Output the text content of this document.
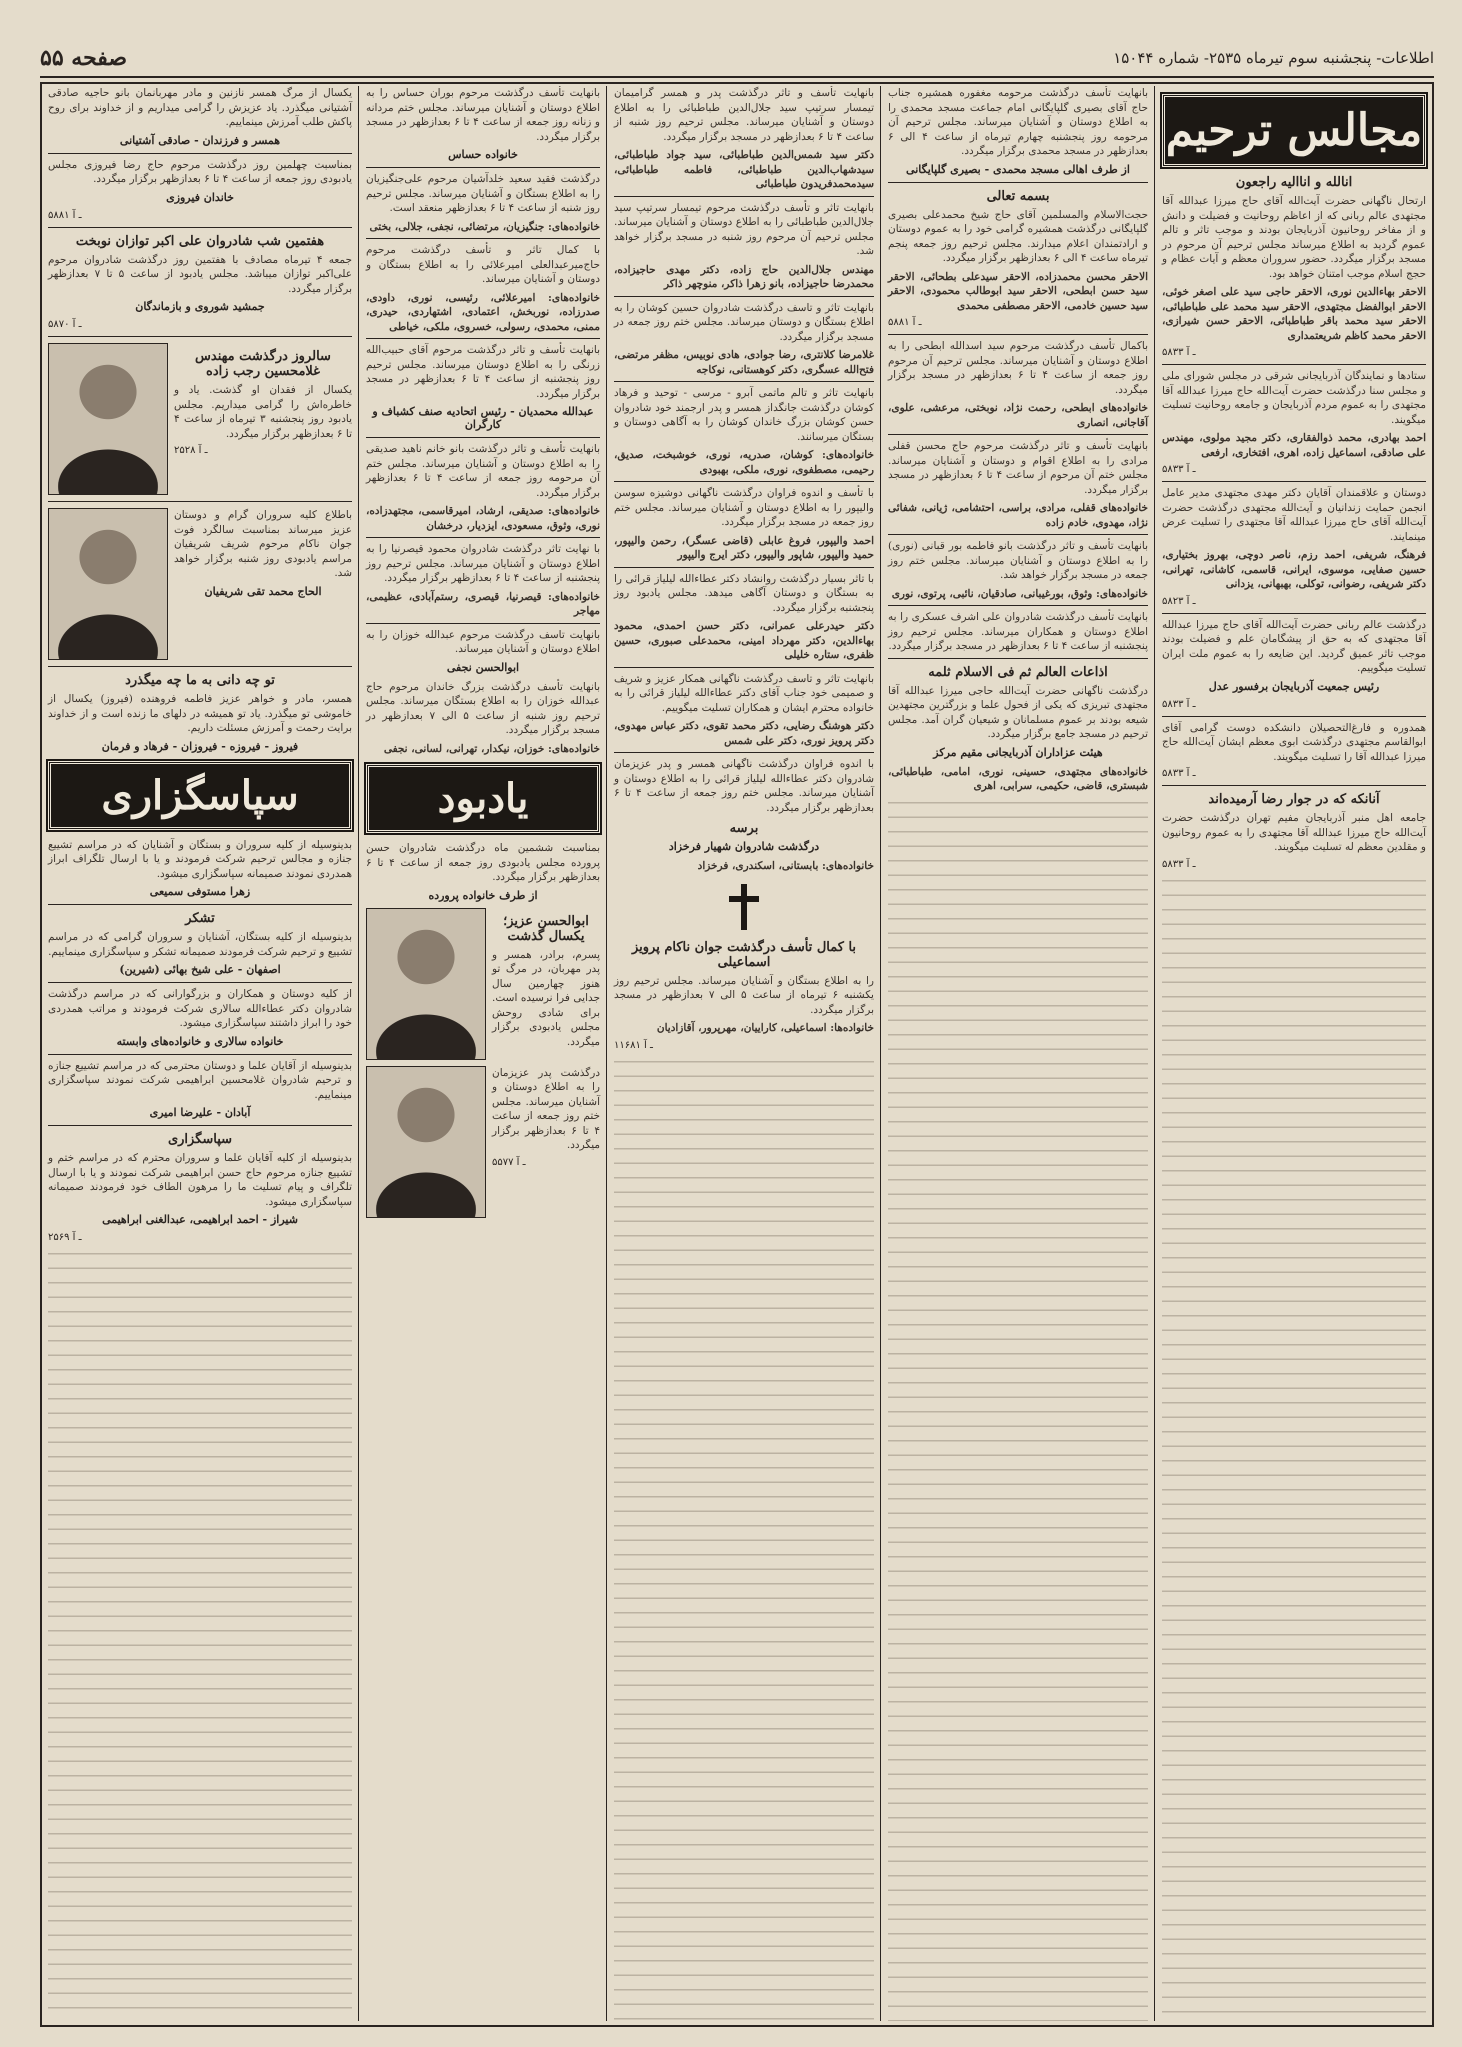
اطلاعات- پنجشنبه سوم تیرماه ۲۵۳۵- شماره ۱۵۰۴۴
صفحه ۵۵
مجالس ترحیم
انالله و اناالیه راجعون

ارتحال ناگهانی حضرت آیت‌الله آقای حاج میرزا عبدالله آقا مجتهدی عالم ربانی که از اعاظم روحانیت و فضیلت و دانش و از مفاخر روحانیون آذربایجان بودند و موجب تاثر و تالم عموم گردید به اطلاع میرساند مجلس ترحیم آن مرحوم در مسجد برگزار میگردد. حضور سروران معظم و آیات عظام و حجج اسلام موجب امتنان خواهد بود.

الاحقر بهاءالدین نوری، الاحقر حاجی سید علی اصغر خوئی، الاحقر ابوالفضل مجتهدی، الاحقر سید محمد علی طباطبائی، الاحقر سید محمد باقر طباطبائی، الاحقر حسن شیرازی، الاحقر محمد کاظم شریعتمداری

۵۸۳۳ ـ آ

ستادها و نمایندگان آذربایجانی شرقی در مجلس شورای ملی و مجلس سنا درگذشت حضرت آیت‌الله حاج میرزا عبدالله آقا مجتهدی را به عموم مردم آذربایجان و جامعه روحانیت تسلیت میگویند.

احمد بهادری، محمد ذوالفقاری، دکتر مجید مولوی، مهندس علی صادقی، اسماعیل زاده، اهری، افتخاری، ارفعی

۵۸۳۳ ـ آ

دوستان و علاقمندان آقایان دکتر مهدی مجتهدی مدیر عامل انجمن حمایت زندانیان و آیت‌الله مجتهدی درگذشت حضرت آیت‌الله آقای حاج میرزا عبدالله آقا مجتهدی را تسلیت عرض مینمایند.

فرهنگ، شریفی، احمد رزم، ناصر دوچی، بهروز بختیاری، حسین صفایی، موسوی، ایرانی، قاسمی، کاشانی، تهرانی، دکتر شریفی، رضوانی، توکلی، بهبهانی، یزدانی

۵۸۲۳ ـ آ

درگذشت عالم ربانی حضرت آیت‌الله آقای حاج میرزا عبدالله آقا مجتهدی که به حق از پیشگامان علم و فضیلت بودند موجب تاثر عمیق گردید. این ضایعه را به عموم ملت ایران تسلیت میگوییم.

رئیس جمعیت آذربایجان برفسور عدل
۵۸۳۳ ـ آ

همدوره و فارغ‌التحصیلان دانشکده دوست گرامی آقای ابوالقاسم مجتهدی درگذشت ابوی معظم ایشان آیت‌الله حاج میرزا عبدالله آقا را تسلیت میگویند.

۵۸۳۳ ـ آ
آنانکه که در جوار رضا آرمیده‌اند

جامعه اهل منبر آذربایجان مفیم تهران درگذشت حضرت آیت‌الله حاج میرزا عبدالله آقا مجتهدی را به عموم روحانیون و مقلدین معظم له تسلیت میگویند.

۵۸۳۳ ـ آ

بانهایت تأسف درگذشت مرحومه مغفوره همشیره جناب حاج آقای بصیری گلپایگانی امام جماعت مسجد محمدی را به اطلاع دوستان و آشنایان میرساند. مجلس ترحیم آن مرحومه روز پنجشنبه چهارم تیرماه از ساعت ۴ الی ۶ بعدازظهر در مسجد محمدی برگزار میگردد.

از طرف اهالی مسجد محمدی - بصیری گلپایگانی
بسمه تعالی

حجت‌الاسلام والمسلمین آقای حاج شیخ محمدعلی بصیری گلپایگانی درگذشت همشیره گرامی خود را به عموم دوستان و ارادتمندان اعلام میدارند. مجلس ترحیم روز جمعه پنجم تیرماه ساعت ۴ الی ۶ بعدازظهر برگزار میگردد.

الاحقر محسن محمدزاده، الاحقر سیدعلی بطحائی، الاحقر سید حسن ابطحی، الاحقر سید ابوطالب محمودی، الاحقر سید حسین خادمی، الاحقر مصطفی محمدی

۵۸۸۱ ـ آ

باکمال تأسف درگذشت مرحوم سید اسدالله ابطحی را به اطلاع دوستان و آشنایان میرساند. مجلس ترحیم آن مرحوم روز جمعه از ساعت ۴ تا ۶ بعدازظهر در مسجد برگزار میگردد.

خانواده‌های ابطحی، رحمت نژاد، نوبختی، مرعشی، علوی، آقاجانی، انصاری

بانهایت تأسف و تاثر درگذشت مرحوم حاج محسن قفلی مرادی را به اطلاع اقوام و دوستان و آشنایان میرساند. مجلس ختم آن مرحوم از ساعت ۴ تا ۶ بعدازظهر در مسجد برگزار میگردد.

خانواده‌های قفلی، مرادی، براسی، احتشامی، ژیانی، شفائی نژاد، مهدوی، خادم زاده

بانهایت تأسف و تاثر درگذشت بانو فاطمه بور قبانی (نوری) را به اطلاع دوستان و آشنایان میرساند. مجلس ختم روز جمعه در مسجد برگزار خواهد شد.

خانواده‌های: وثوق، بورغیبانی، صادقیان، نائبی، پرتوی، نوری

بانهایت تأسف درگذشت شادروان علی اشرف عسکری را به اطلاع دوستان و همکاران میرساند. مجلس ترحیم روز پنجشنبه از ساعت ۴ تا ۶ بعدازظهر در مسجد برگزار میگردد.

اذاعات العالم ثم فی الاسلام ثلمه

درگذشت ناگهانی حضرت آیت‌الله حاجی میرزا عبدالله آقا مجتهدی تبریزی که یکی از فحول علما و بزرگترین مجتهدین شیعه بودند بر عموم مسلمانان و شیعیان گران آمد. مجلس ترحیم در مسجد جامع برگزار میگردد.

هیئت عزاداران آذربایجانی مقیم مرکز

خانواده‌های مجتهدی، حسینی، نوری، امامی، طباطبائی، شبستری، قاضی، حکیمی، سرابی، اهری

بانهایت تأسف و تاثر درگذشت پدر و همسر گرامیمان تیمسار سرتیپ سید جلال‌الدین طباطبائی را به اطلاع دوستان و آشنایان میرساند. مجلس ترحیم روز شنبه از ساعت ۴ تا ۶ بعدازظهر در مسجد برگزار میگردد.

دکتر سید شمس‌الدین طباطبائی، سید جواد طباطبائی، سیدشهاب‌الدین طباطبائی، فاطمه طباطبائی، سیدمحمدفریدون طباطبائی

بانهایت تاثر و تأسف درگذشت مرحوم تیمسار سرتیپ سید جلال‌الدین طباطبائی را به اطلاع دوستان و آشنایان میرساند. مجلس ترحیم آن مرحوم روز شنبه در مسجد برگزار خواهد شد.

مهندس جلال‌الدین حاج زاده، دکتر مهدی حاجیزاده، محمدرضا حاجیزاده، بانو زهرا ذاکر، منوچهر ذاکر

بانهایت تاثر و تاسف درگذشت شادروان حسین کوشان را به اطلاع بستگان و دوستان میرساند. مجلس ختم روز جمعه در مسجد برگزار میگردد.

غلامرضا کلانتری، رضا جوادی، هادی نوبیس، مظفر مرتضی، فتح‌الله عسگری، دکتر کوهستانی، نوکاجه

بانهایت تاثر و تالم ماتمی آبرو - مرسی - توحید و فرهاد کوشان درگذشت جانگداز همسر و پدر ارجمند خود شادروان حسن کوشان بزرگ خاندان کوشان را به آگاهی دوستان و بستگان میرسانند.

خانواده‌های: کوشان، صدریه، نوری، خوشبخت، صدیق، رحیمی، مصطفوی، نوری، ملکی، بهبودی

با تأسف و اندوه فراوان درگذشت ناگهانی دوشیزه سوسن والیپور را به اطلاع دوستان و آشنایان میرساند. مجلس ختم روز جمعه در مسجد برگزار میگردد.

احمد والیپور، فروغ عابلی (قاضی عسگر)، رحمن والیپور، حمید والیپور، شاپور والیپور، دکتر ایرج والیپور

با تاثر بسیار درگذشت روانشاد دکتر عطاءالله لیلیاز قرائی را به بستگان و دوستان آگاهی میدهد. مجلس یادبود روز پنجشنبه برگزار میگردد.

دکتر حیدرعلی عمرانی، دکتر حسن احمدی، محمود بهاءالدین، دکتر مهرداد امینی، محمدعلی صبوری، حسین ظفری، ستاره خلیلی

بانهایت تاثر و تاسف درگذشت ناگهانی همکار عزیز و شریف و صمیمی خود جناب آقای دکتر عطاءالله لیلیاز قرائی را به خانواده محترم ایشان و همکاران تسلیت میگوییم.

دکتر هوشنگ رضایی، دکتر محمد تقوی، دکتر عباس مهدوی، دکتر پرویز نوری، دکتر علی شمس

با اندوه فراوان درگذشت ناگهانی همسر و پدر عزیزمان شادروان دکتر عطاءالله لیلیاز قرائی را به اطلاع دوستان و آشنایان میرساند. مجلس ختم روز جمعه از ساعت ۴ تا ۶ بعدازظهر برگزار میگردد.

برسه
درگذشت شادروان شهیار فرخزاد

خانواده‌های: بابستانی، اسکندری، فرخزاد

با کمال تأسف درگذشت جوان ناکام پرویز اسماعیلی

را به اطلاع بستگان و آشنایان میرساند. مجلس ترحیم روز یکشنبه ۶ تیرماه از ساعت ۵ الی ۷ بعدازظهر در مسجد برگزار میگردد.

خانواده‌ها: اسماعیلی، کاراییان، مهرپرور، آقازادیان

۱۱۶۸۱ ـ آ

بانهایت تأسف درگذشت مرحوم بوران حساس را به اطلاع دوستان و آشنایان میرساند. مجلس ختم مردانه و زنانه روز جمعه از ساعت ۴ تا ۶ بعدازظهر در مسجد برگزار میگردد.

خانواده حساس

درگذشت فقید سعید خلدآشیان مرحوم علی‌جنگیزیان را به اطلاع بستگان و آشنایان میرساند. مجلس ترحیم روز شنبه از ساعت ۴ تا ۶ بعدازظهر منعقد است.

خانواده‌های: جنگیزیان، مرتضائی، نجفی، جلالی، بختی

با کمال تاثر و تأسف درگذشت مرحوم حاج‌میرعبدالعلی امیرعلائی را به اطلاع بستگان و دوستان و آشنایان میرساند.

خانواده‌های: امیرعلائی، رئیسی، نوری، داودی، صدرزاده، نوربخش، اعتمادی، اشتهاردی، حیدری، ممنی، محمدی، رسولی، خسروی، ملکی، خیاطی

بانهایت تأسف و تاثر درگذشت مرحوم آقای حبیب‌الله زرنگی را به اطلاع دوستان میرساند. مجلس ترحیم روز پنجشنبه از ساعت ۴ تا ۶ بعدازظهر در مسجد برگزار میگردد.

عبدالله محمدیان - رئیس اتحادیه صنف کشباف و کارگران

بانهایت تأسف و تاثر درگذشت بانو خانم ناهید صدیقی را به اطلاع دوستان و آشنایان میرساند. مجلس ختم آن مرحومه روز جمعه از ساعت ۴ تا ۶ بعدازظهر برگزار میگردد.

خانواده‌های: صدیقی، ارشاد، امیرقاسمی، مجتهدزاده، نوری، وثوق، مسعودی، ایزدیار، درخشان

با نهایت تاثر درگذشت شادروان محمود قیصرنیا را به اطلاع دوستان و آشنایان میرساند. مجلس ترحیم روز پنجشنبه از ساعت ۴ تا ۶ بعدازظهر برگزار میگردد.

خانواده‌های: قیصرنیا، قیصری، رستم‌آبادی، عظیمی، مهاجر

بانهایت تاسف درگذشت مرحوم عبدالله خوزان را به اطلاع دوستان و آشنایان میرساند.

ابوالحسن نجفی

بانهایت تأسف درگذشت بزرگ خاندان مرحوم حاج عبدالله خوزان را به اطلاع بستگان میرساند. مجلس ترحیم روز شنبه از ساعت ۵ الی ۷ بعدازظهر در مسجد برگزار میگردد.

خانواده‌های: خوزان، نیکدار، تهرانی، لسانی، نجفی

یادبود

بمناسبت ششمین ماه درگذشت شادروان حسن پرورده مجلس یادبودی روز جمعه از ساعت ۴ تا ۶ بعدازظهر برگزار میگردد.

از طرف خانواده پرورده
ابوالحسن عزیز؛ یکسال گذشت

پسرم، برادر، همسر و پدر مهربان، در مرگ تو هنوز چهارمین سال جدایی فرا نرسیده است. برای شادی روحش مجلس یادبودی برگزار میگردد.

درگذشت پدر عزیزمان را به اطلاع دوستان و آشنایان میرساند. مجلس ختم روز جمعه از ساعت ۴ تا ۶ بعدازظهر برگزار میگردد.

۵۵۷۷ ـ آ

یکسال از مرگ همسر نازنین و مادر مهربانمان بانو حاجیه صادقی آشتیانی میگذرد. یاد عزیزش را گرامی میداریم و از خداوند برای روح پاکش طلب آمرزش مینماییم.

همسر و فرزندان - صادقی آشتیانی

بمناسبت چهلمین روز درگذشت مرحوم حاج رضا فیروزی مجلس یادبودی روز جمعه از ساعت ۴ تا ۶ بعدازظهر برگزار میگردد.

خاندان فیروزی
۵۸۸۱ ـ آ
هفتمین شب شادروان علی اکبر توازان نوبخت

جمعه ۴ تیرماه مصادف با هفتمین روز درگذشت شادروان مرحوم علی‌اکبر توازان میباشد. مجلس یادبود از ساعت ۵ تا ۷ بعدازظهر برگزار میگردد.

جمشید شوروی و بازماندگان
۵۸۷۰ ـ آ
سالروز درگذشت مهندس غلامحسین رجب زاده

یکسال از فقدان او گذشت. یاد و خاطره‌اش را گرامی میداریم. مجلس یادبود روز پنجشنبه ۳ تیرماه از ساعت ۴ تا ۶ بعدازظهر برگزار میگردد.

۲۵۲۸ ـ آ

باطلاع کلیه سروران گرام و دوستان عزیز میرساند بمناسبت سالگرد فوت جوان ناکام مرحوم شریف شریفیان مراسم یادبودی روز شنبه برگزار خواهد شد.

الحاج محمد تقی شریفیان
تو چه دانی به ما چه میگذرد

همسر، مادر و خواهر عزیز فاطمه فروهنده (فیروز) یکسال از خاموشی تو میگذرد. یاد تو همیشه در دلهای ما زنده است و از خداوند برایت رحمت و آمرزش مسئلت داریم.

فیروز - فیروزه - فیروزان - فرهاد و فرمان
سپاسگزاری

بدینوسیله از کلیه سروران و بستگان و آشنایان که در مراسم تشییع جنازه و مجالس ترحیم شرکت فرمودند و یا با ارسال تلگراف ابراز همدردی نمودند صمیمانه سپاسگزاری میشود.

زهرا مستوفی سمیعی
تشکر

بدینوسیله از کلیه بستگان، آشنایان و سروران گرامی که در مراسم تشییع و ترحیم شرکت فرمودند صمیمانه تشکر و سپاسگزاری مینماییم.

اصفهان - علی شیخ بهائی (شیرین)

از کلیه دوستان و همکاران و بزرگوارانی که در مراسم درگذشت شادروان دکتر عطاءالله سالاری شرکت فرمودند و مراتب همدردی خود را ابراز داشتند سپاسگزاری میشود.

خانواده سالاری و خانواده‌های وابسته

بدینوسیله از آقایان علما و دوستان محترمی که در مراسم تشییع جنازه و ترحیم شادروان غلامحسین ابراهیمی شرکت نمودند سپاسگزاری مینماییم.

آبادان - علیرضا امیری
سپاسگزاری

بدینوسیله از کلیه آقایان علما و سروران محترم که در مراسم ختم و تشییع جنازه مرحوم حاج حسن ابراهیمی شرکت نمودند و یا با ارسال تلگراف و پیام تسلیت ما را مرهون الطاف خود فرمودند صمیمانه سپاسگزاری میشود.

شیراز - احمد ابراهیمی، عبدالغنی ابراهیمی
۲۵۶۹ ـ آ
